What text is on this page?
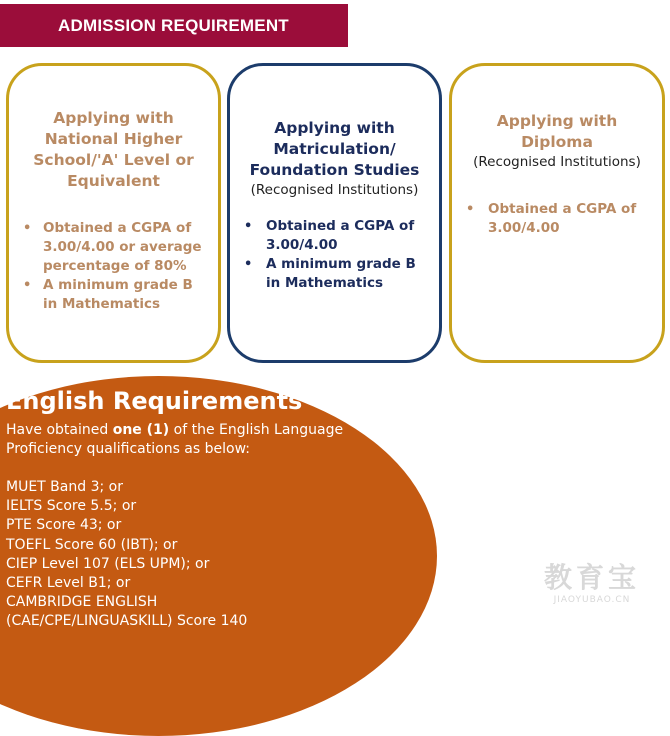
ADMISSION REQUIREMENT
Applying with
National Higher
School/'A' Level or
Equivalent
• Obtained a CGPA of
3.00/4.00 or average
percentage of 80%
• A minimum grade B
in Mathematics
Applying with
Matriculation/
Foundation Studies
(Recognised Institutions)
• Obtained a CGPA of
3.00/4.00
• A minimum grade B
in Mathematics
Applying with
Diploma
(Recognised Institutions)
• Obtained a CGPA of
3.00/4.00
English Requirements
Have obtained one (1) of the English Language Proficiency qualifications as below:
MUET Band 3; or
IELTS Score 5.5; or
PTE Score 43; or
TOEFL Score 60 (IBT); or
CIEP Level 107 (ELS UPM); or
CEFR Level B1; or
CAMBRIDGE ENGLISH
(CAE/CPE/LINGUASKILL) Score 140
教育宝
JIAOYUBAO.CN
